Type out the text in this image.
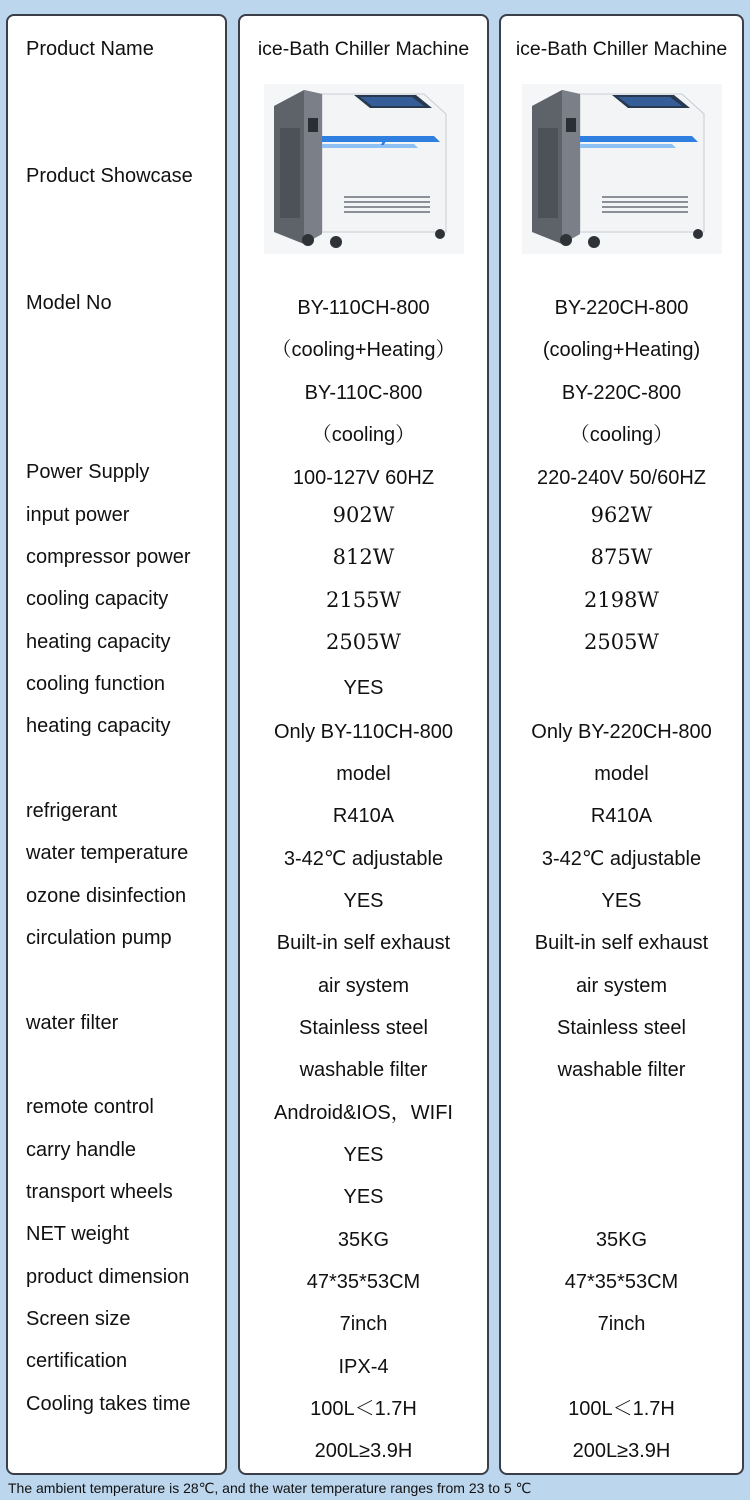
Product Name
Product Showcase
Model No
Power Supply
input power
compressor power
cooling capacity
heating capacity
cooling function
heating capacity
refrigerant
water temperature
ozone disinfection
circulation pump
water filter
remote control
carry handle
transport wheels
NET weight
product dimension
Screen size
certification
Cooling takes time
ice-Bath Chiller Machine
BY-110CH-800
（cooling+Heating）
BY-110C-800
（cooling）
100-127V 60HZ
902W
812W
2155W
2505W
YES
Only BY-110CH-800
model
R410A
3-42℃ adjustable
YES
Built-in self exhaust
air system
Stainless steel
washable filter
Android&IOS，WIFI
YES
YES
35KG
47*35*53CM
7inch
IPX-4
100L＜1.7H
200L≥3.9H
ice-Bath Chiller Machine
BY-220CH-800
(cooling+Heating)
BY-220C-800
（cooling）
220-240V 50/60HZ
962W
875W
2198W
2505W
Only BY-220CH-800
model
R410A
3-42℃ adjustable
YES
Built-in self exhaust
air system
Stainless steel
washable filter
35KG
47*35*53CM
7inch
100L＜1.7H
200L≥3.9H
The ambient temperature is 28℃, and the water temperature ranges from 23 to 5 ℃
